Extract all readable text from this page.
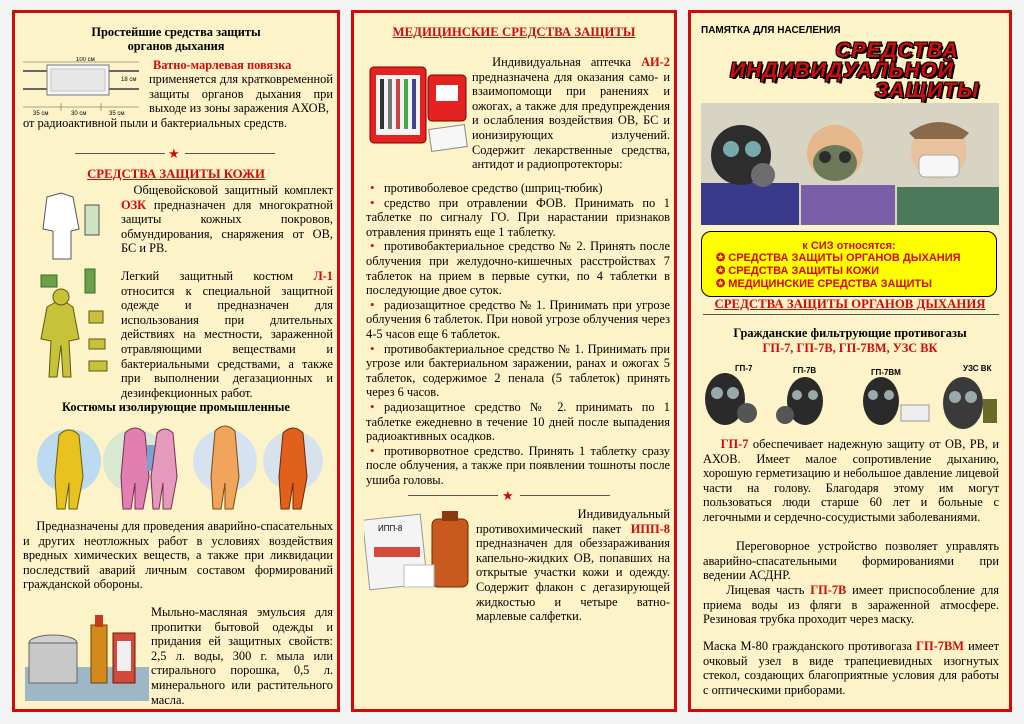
Простейшие средства защиты
органов дыхания
100 см
35 см	30 см	35 см
18 см
Ватно-марлевая повязка
применяется для кратковременной защиты органов дыхания при выходе из зоны заражения АХОВ,
от радиоактивной пыли и бактериальных средств.
★
СРЕДСТВА ЗАЩИТЫ КОЖИ
Общевойсковой защитный комплект ОЗК предназначен для многократной защиты кожных покровов, обмундирования, снаряжения от ОВ, БС и РВ.
Легкий защитный костюм Л-1 относится к специальной защитной одежде и предназначен для использования при длительных действиях на местности, зараженной отравляющими веществами и бактериальными средствами, а также при выполнении дегазационных и дезинфекционных работ.
Костюмы изолирующие промышленные
Предназначены для проведения аварийно-спасательных и других неотложных работ в условиях воздействия вредных химических веществ, а также при ликвидации последствий аварий личным составом формирований гражданской обороны.
Мыльно-масляная эмульсия для пропитки бытовой одежды и придания ей защитных свойств: 2,5 л. воды, 300 г. мыла или стирального порошка, 0,5 л. минерального или растительного масла.
МЕДИЦИНСКИЕ СРЕДСТВА ЗАЩИТЫ
Индивидуальная аптечка АИ-2 предназначена для оказания само- и взаимопомощи при ранениях и ожогах, а также для предупреждения и ослабления воздействия ОВ, БС и ионизирующих излучений. Содержит лекарственные средства, антидот и радиопротекторы:
• противоболевое средство (шприц-тюбик)
• средство при отравлении ФОВ. Принимать по 1 таблетке по сигналу ГО. При нарастании признаков отравления принять еще 1 таблетку.
• противобактериальное средство № 2. Принять после облучения при желудочно-кишечных расстройствах 7 таблеток на прием в первые сутки, по 4 таблетки в последующие двое суток.
• радиозащитное средство № 1. Принимать при угрозе облучения 6 таблеток. При новой угрозе облучения через 4-5 часов еще 6 таблеток.
• противобактериальное средство № 1. Принимать при угрозе или бактериальном заражении, ранах и ожогах 5 таблеток, содержимое 2 пенала (5 таблеток) принять через 6 часов.
• радиозащитное средство № 2. принимать по 1 таблетке ежедневно в течение 10 дней после выпадения радиоактивных осадков.
• противорвотное средство. Принять 1 таблетку сразу после облучения, а также при появлении тошноты после ушиба головы.
★
ИПП-8
Индивидуальный противохимический пакет ИПП-8 предназначен для обеззараживания капельно-жидких ОВ, попавших на открытые участки кожи и одежду. Содержит флакон с дегазирующей жидкостью и четыре ватно-марлевые салфетки.
ПАМЯТКА ДЛЯ НАСЕЛЕНИЯ
СРЕДСТВА
ИНДИВИДУАЛЬНОЙ
ЗАЩИТЫ
к СИЗ относятся:
✪ СРЕДСТВА ЗАЩИТЫ ОРГАНОВ ДЫХАНИЯ
✪ СРЕДСТВА ЗАЩИТЫ КОЖИ
✪ МЕДИЦИНСКИЕ СРЕДСТВА ЗАЩИТЫ
СРЕДСТВА ЗАЩИТЫ ОРГАНОВ ДЫХАНИЯ
Гражданские фильтрующие противогазы
ГП-7, ГП-7В, ГП-7ВМ, УЗС ВК
ГП-7	ГП-7В	ГП-7ВМ	УЗС ВК
ГП-7 обеспечивает надежную защиту от ОВ, РВ, и АХОВ. Имеет малое сопротивление дыханию, хорошую герметизацию и небольшое давление лицевой части на голову. Благодаря этому им могут пользоваться люди старше 60 лет и больные с легочными и сердечно-сосудистыми заболеваниями.
Переговорное устройство позволяет управлять аварийно-спасательными формированиями при ведении АСДНР.
Лицевая часть ГП-7В имеет приспособление для приема воды из фляги в зараженной атмосфере. Резиновая трубка проходит через маску.
Маска М-80 гражданского противогаза ГП-7ВМ имеет очковый узел в виде трапециевидных изогнутых стекол, создающих благоприятные условия для работы с оптическими приборами.
